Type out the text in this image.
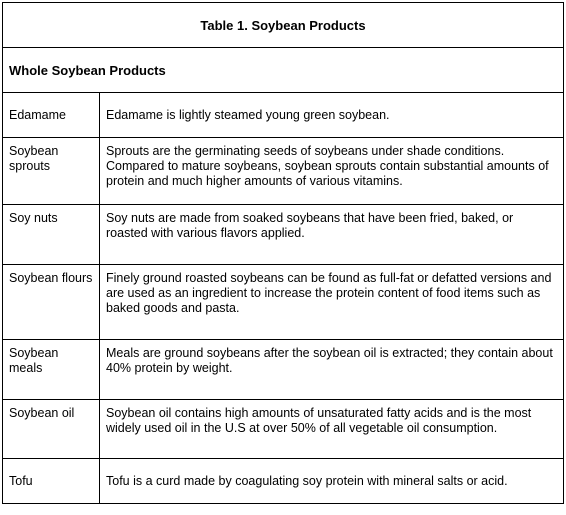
Table 1. Soybean Products	
Whole Soybean Products	
Edamame	Edamame is lightly steamed young green soybean.
Soybean sprouts	Sprouts are the germinating seeds of soybeans under shade conditions. Compared to mature soybeans, soybean sprouts contain substantial amounts of protein and much higher amounts of various vitamins.
Soy nuts	Soy nuts are made from soaked soybeans that have been fried, baked, or roasted with various flavors applied.
Soybean flours	Finely ground roasted soybeans can be found as full-fat or defatted versions and are used as an ingredient to increase the protein content of food items such as baked goods and pasta.
Soybean meals	Meals are ground soybeans after the soybean oil is extracted; they contain about 40% protein by weight.
Soybean oil	Soybean oil contains high amounts of unsaturated fatty acids and is the most widely used oil in the U.S at over 50% of all vegetable oil consumption.
Tofu	Tofu is a curd made by coagulating soy protein with mineral salts or acid.
